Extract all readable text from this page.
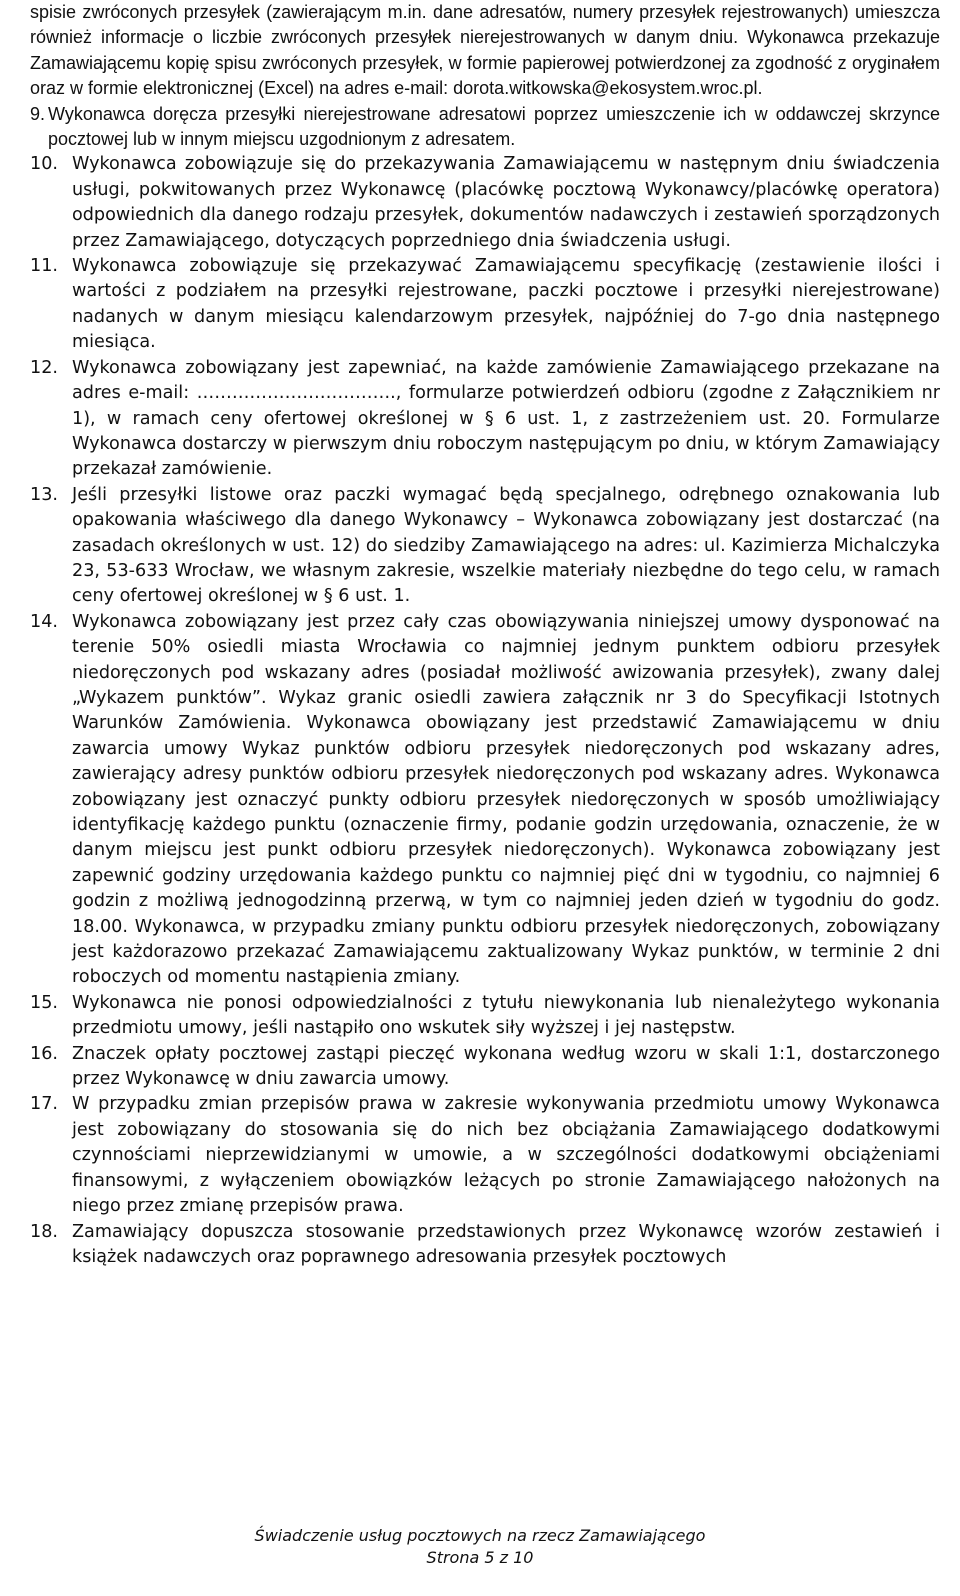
spisie zwróconych przesyłek (zawierającym m.in. dane adresatów, numery przesyłek rejestrowanych) umieszcza również informacje o liczbie zwróconych przesyłek nierejestrowanych w danym dniu. Wykonawca przekazuje Zamawiającemu kopię spisu zwróconych przesyłek, w formie papierowej potwierdzonej za zgodność z oryginałem oraz w formie elektronicznej (Excel) na adres e-mail: dorota.witkowska@ekosystem.wroc.pl.

9. Wykonawca doręcza przesyłki nierejestrowane adresatowi poprzez umieszczenie ich w oddawczej skrzynce pocztowej lub w innym miejscu uzgodnionym z adresatem.
10. Wykonawca zobowiązuje się do przekazywania Zamawiającemu w następnym dniu świadczenia usługi, pokwitowanych przez Wykonawcę (placówkę pocztową Wykonawcy/placówkę operatora) odpowiednich dla danego rodzaju przesyłek, dokumentów nadawczych i zestawień sporządzonych przez Zamawiającego, dotyczących poprzedniego dnia świadczenia usługi.
11. Wykonawca zobowiązuje się przekazywać Zamawiającemu specyfikację (zestawienie ilości i wartości z podziałem na przesyłki rejestrowane, paczki pocztowe i przesyłki nierejestrowane) nadanych w danym miesiącu kalendarzowym przesyłek, najpóźniej do 7-go dnia następnego miesiąca.
12. Wykonawca zobowiązany jest zapewniać, na każde zamówienie Zamawiającego przekazane na adres e-mail: ……………………………., formularze potwierdzeń odbioru (zgodne z Załącznikiem nr 1), w ramach ceny ofertowej określonej w § 6 ust. 1, z zastrzeżeniem ust. 20. Formularze Wykonawca dostarczy w pierwszym dniu roboczym następującym po dniu, w którym Zamawiający przekazał zamówienie.
13. Jeśli przesyłki listowe oraz paczki wymagać będą specjalnego, odrębnego oznakowania lub opakowania właściwego dla danego Wykonawcy – Wykonawca zobowiązany jest dostarczać (na zasadach określonych w ust. 12) do siedziby Zamawiającego na adres: ul. Kazimierza Michalczyka 23, 53-633 Wrocław, we własnym zakresie, wszelkie materiały niezbędne do tego celu, w ramach ceny ofertowej określonej w § 6 ust. 1.
14. Wykonawca zobowiązany jest przez cały czas obowiązywania niniejszej umowy dysponować na terenie 50% osiedli miasta Wrocławia co najmniej jednym punktem odbioru przesyłek niedoręczonych pod wskazany adres (posiadał możliwość awizowania przesyłek), zwany dalej „Wykazem punktów”. Wykaz granic osiedli zawiera załącznik nr 3 do Specyfikacji Istotnych Warunków Zamówienia. Wykonawca obowiązany jest przedstawić Zamawiającemu w dniu zawarcia umowy Wykaz punktów odbioru przesyłek niedoręczonych pod wskazany adres, zawierający adresy punktów odbioru przesyłek niedoręczonych pod wskazany adres. Wykonawca zobowiązany jest oznaczyć punkty odbioru przesyłek niedoręczonych w sposób umożliwiający identyfikację każdego punktu (oznaczenie firmy, podanie godzin urzędowania, oznaczenie, że w danym miejscu jest punkt odbioru przesyłek niedoręczonych). Wykonawca zobowiązany jest zapewnić godziny urzędowania każdego punktu co najmniej pięć dni w tygodniu, co najmniej 6 godzin z możliwą jednogodzinną przerwą, w tym co najmniej jeden dzień w tygodniu do godz. 18.00. Wykonawca, w przypadku zmiany punktu odbioru przesyłek niedoręczonych, zobowiązany jest każdorazowo przekazać Zamawiającemu zaktualizowany Wykaz punktów, w terminie 2 dni roboczych od momentu nastąpienia zmiany.
15. Wykonawca nie ponosi odpowiedzialności z tytułu niewykonania lub nienależytego wykonania przedmiotu umowy, jeśli nastąpiło ono wskutek siły wyższej i jej następstw.
16. Znaczek opłaty pocztowej zastąpi pieczęć wykonana według wzoru w skali 1:1, dostarczonego przez Wykonawcę w dniu zawarcia umowy.
17. W przypadku zmian przepisów prawa w zakresie wykonywania przedmiotu umowy Wykonawca jest zobowiązany do stosowania się do nich bez obciążania Zamawiającego dodatkowymi czynnościami nieprzewidzianymi w umowie, a w szczególności dodatkowymi obciążeniami finansowymi, z wyłączeniem obowiązków leżących po stronie Zamawiającego nałożonych na niego przez zmianę przepisów prawa.
18. Zamawiający dopuszcza stosowanie przedstawionych przez Wykonawcę wzorów zestawień i książek nadawczych oraz poprawnego adresowania przesyłek pocztowych
Świadczenie usług pocztowych na rzecz Zamawiającego
Strona 5 z 10
